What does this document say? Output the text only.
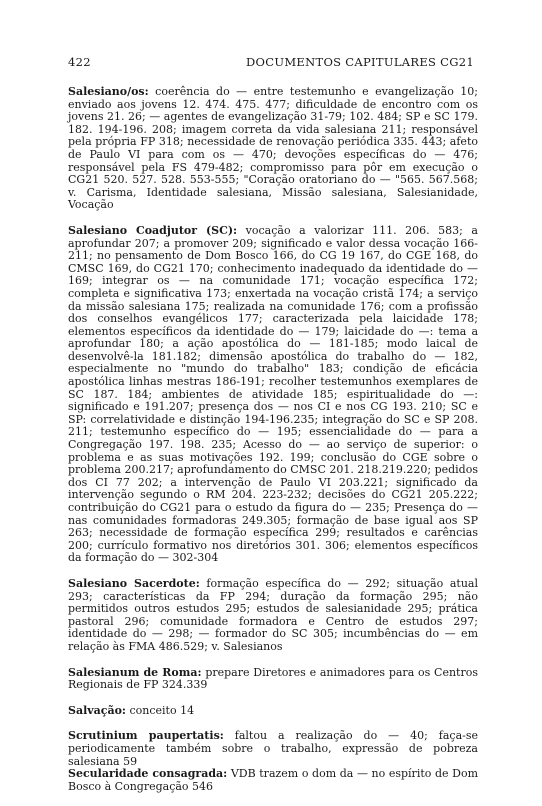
422	DOCUMENTOS CAPITULARES CG21

Salesiano/os: coerência do — entre testemunho e evangelização 10; enviado aos jovens 12. 474. 475. 477; dificuldade de encontro com os jovens 21. 26; — agentes de evangelização 31-79; 102. 484; SP e SC 179. 182. 194-196. 208; imagem correta da vida salesiana 211; responsável pela própria FP 318; necessidade de renovação periódica 335. 443; afeto de Paulo VI para com os — 470; devoções específicas do — 476; responsável pela FS 479-482; compromisso para pôr em execução o CG21 520. 527. 528. 553-555; "Coração oratoriano do — "565. 567.568; v. Carisma, Identidade salesiana, Missão salesiana, Salesianidade, Vocação

Salesiano Coadjutor (SC): vocação a valorizar 111. 206. 583; a aprofundar 207; a promover 209; significado e valor dessa vocação 166-211; no pensamento de Dom Bosco 166, do CG 19 167, do CGE 168, do CMSC 169, do CG21 170; conhecimento inadequado da identidade do — 169; integrar os — na comunidade 171; vocação específica 172; completa e significativa 173; enxertada na vocação cristã 174; a serviço da missão salesiana 175; realizada na comunidade 176; com a profissão dos conselhos evangélicos 177; caracterizada pela laicidade 178; elementos específicos da identidade do — 179; laicidade do —: tema a aprofundar 180; a ação apostólica do — 181-185; modo laical de desenvolvê-la 181.182; dimensão apostólica do trabalho do — 182, especialmente no "mundo do trabalho" 183; condição de eficácia apostólica linhas mestras 186-191; recolher testemunhos exemplares de SC 187. 184; ambientes de atividade 185; espiritualidade do —: significado e 191.207; presença dos — nos CI e nos CG 193. 210; SC e SP: correlatividade e distinção 194-196.235; integração do SC e SP 208. 211; testemunho específico do — 195; essencialidade do — para a Congregação 197. 198. 235; Acesso do — ao serviço de superior: o problema e as suas motivações 192. 199; conclusão do CGE sobre o problema 200.217; aprofundamento do CMSC 201. 218.219.220; pedidos dos CI 77 202; a intervenção de Paulo VI 203.221; significado da intervenção segundo o RM 204. 223-232; decisões do CG21 205.222; contribuição do CG21 para o estudo da figura do — 235; Presença do — nas comunidades formadoras 249.305; formação de base igual aos SP 263; necessidade de formação específica 299; resultados e carências 200; currículo formativo nos diretórios 301. 306; elementos específicos da formação do — 302-304

Salesiano Sacerdote: formação específica do — 292; situação atual 293; características da FP 294; duração da formação 295; não permitidos outros estudos 295; estudos de salesianidade 295; prática pastoral 296; comunidade formadora e Centro de estudos 297; identidade do — 298; — formador do SC 305; incumbências do — em relação às FMA 486.529; v. Salesianos

Salesianum de Roma: prepare Diretores e animadores para os Centros Regionais de FP 324.339

Salvação: conceito 14

Scrutinium paupertatis: faltou a realização do — 40; faça-se periodicamente também sobre o trabalho, expressão de pobreza salesiana 59

Secularidade consagrada: VDB trazem o dom da — no espírito de Dom Bosco à Congregação 546
